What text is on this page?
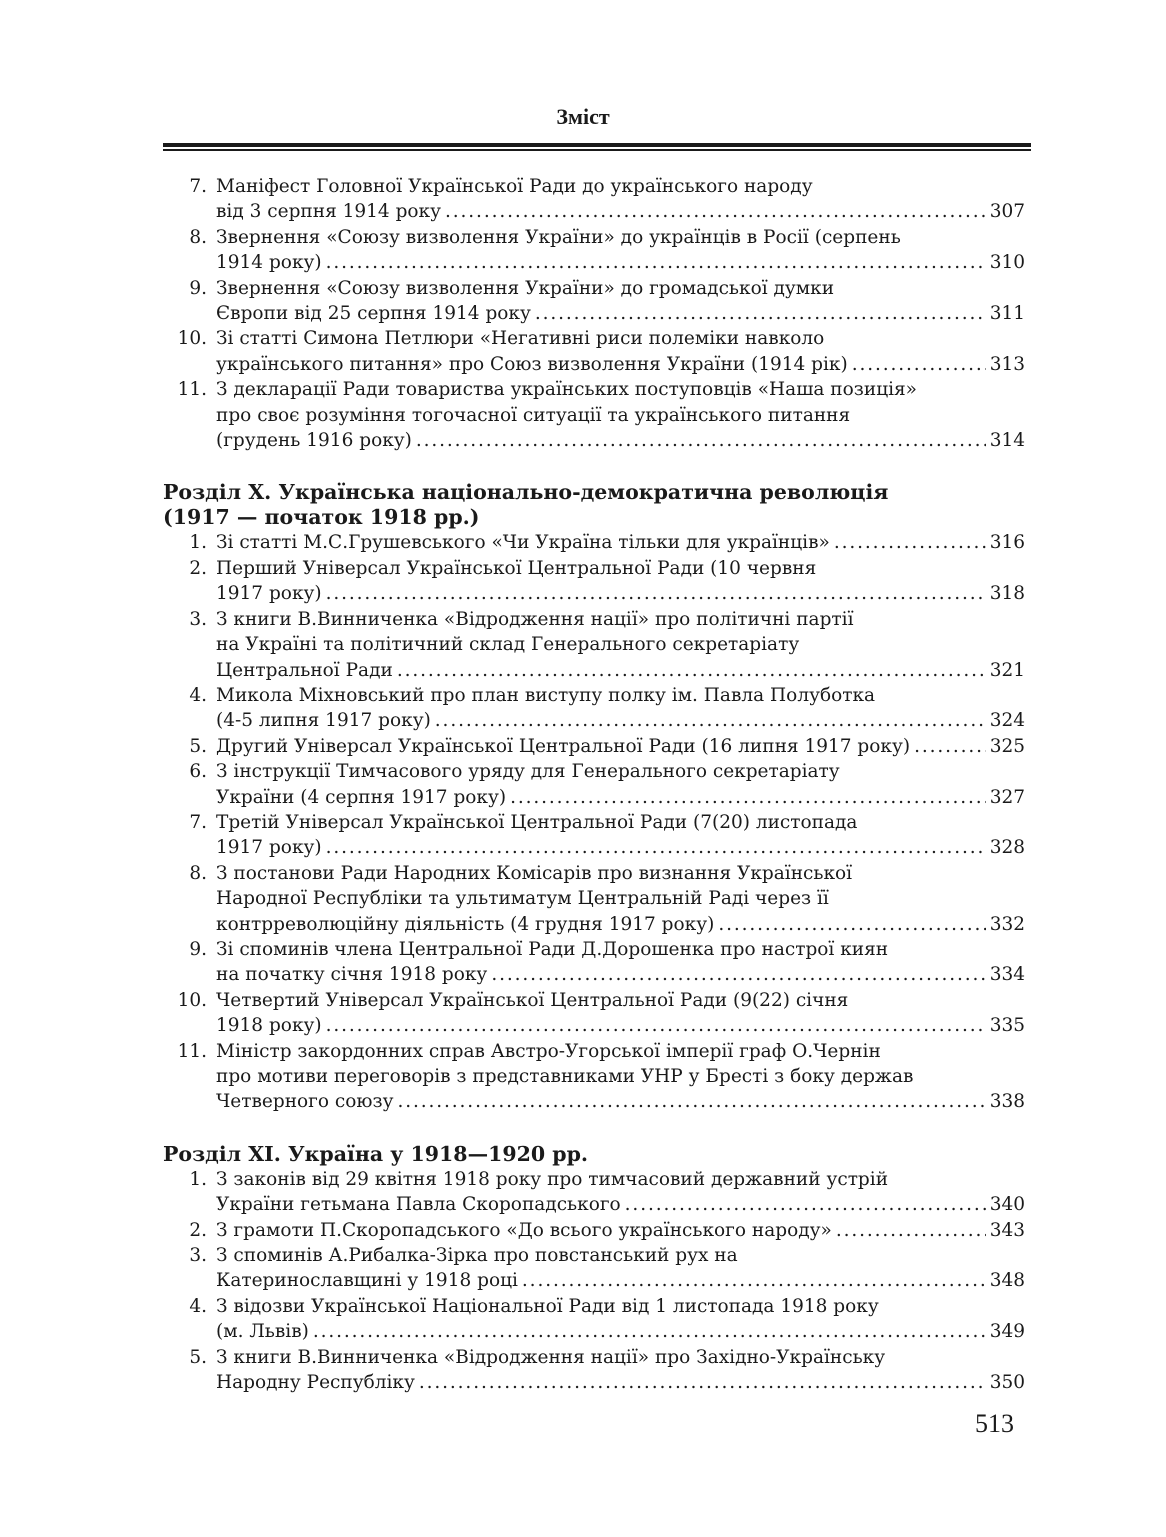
Зміст
7. Маніфест Головної Української Ради до українського народу
від 3 серпня 1914 року . . .	307
8. Звернення «Союзу визволення України» до українців в Росії (серпень
1914 року) . . .	310
9. Звернення «Союзу визволення України» до громадської думки
Європи від 25 серпня 1914 року . . .	311
10. Зі статті Симона Петлюри «Негативні риси полеміки навколо
українського питання» про Союз визволення України (1914 рік) . . .	313
11. З декларації Ради товариства українських поступовців «Наша позиція»
про своє розуміння тогочасної ситуації та українського питання
(грудень 1916 року) . . .	314
Розділ X. Українська національно-демократична революція
(1917 — початок 1918 рр.)
1. Зі статті М.С.Грушевського «Чи Україна тільки для українців» . . .	316
2. Перший Універсал Української Центральної Ради (10 червня
1917 року) . . .	318
3. З книги В.Винниченка «Відродження нації» про політичні партії
на Україні та політичний склад Генерального секретаріату
Центральної Ради . . .	321
4. Микола Міхновський про план виступу полку ім. Павла Полуботка
(4-5 липня 1917 року) . . .	324
5. Другий Універсал Української Центральної Ради (16 липня 1917 року) . . .	325
6. З інструкції Тимчасового уряду для Генерального секретаріату
України (4 серпня 1917 року) . . .	327
7. Третій Універсал Української Центральної Ради (7(20) листопада
1917 року) . . .	328
8. З постанови Ради Народних Комісарів про визнання Української
Народної Республіки та ультиматум Центральній Раді через її
контрреволюційну діяльність (4 грудня 1917 року) . . .	332
9. Зі споминів члена Центральної Ради Д.Дорошенка про настрої киян
на початку січня 1918 року . . .	334
10. Четвертий Універсал Української Центральної Ради (9(22) січня
1918 року) . . .	335
11. Міністр закордонних справ Австро-Угорської імперії граф О.Чернін
про мотиви переговорів з представниками УНР у Бресті з боку держав
Четверного союзу . . .	338
Розділ XI. Україна у 1918—1920 рр.
1. З законів від 29 квітня 1918 року про тимчасовий державний устрій
України гетьмана Павла Скоропадського . . .	340
2. З грамоти П.Скоропадського «До всього українського народу» . . .	343
3. З споминів А.Рибалка-Зірка про повстанський рух на
Катеринославщині у 1918 році . . .	348
4. З відозви Української Національної Ради від 1 листопада 1918 року
(м. Львів) . . .	349
5. З книги В.Винниченка «Відродження нації» про Західно-Українську
Народну Республіку . . .	350
513
